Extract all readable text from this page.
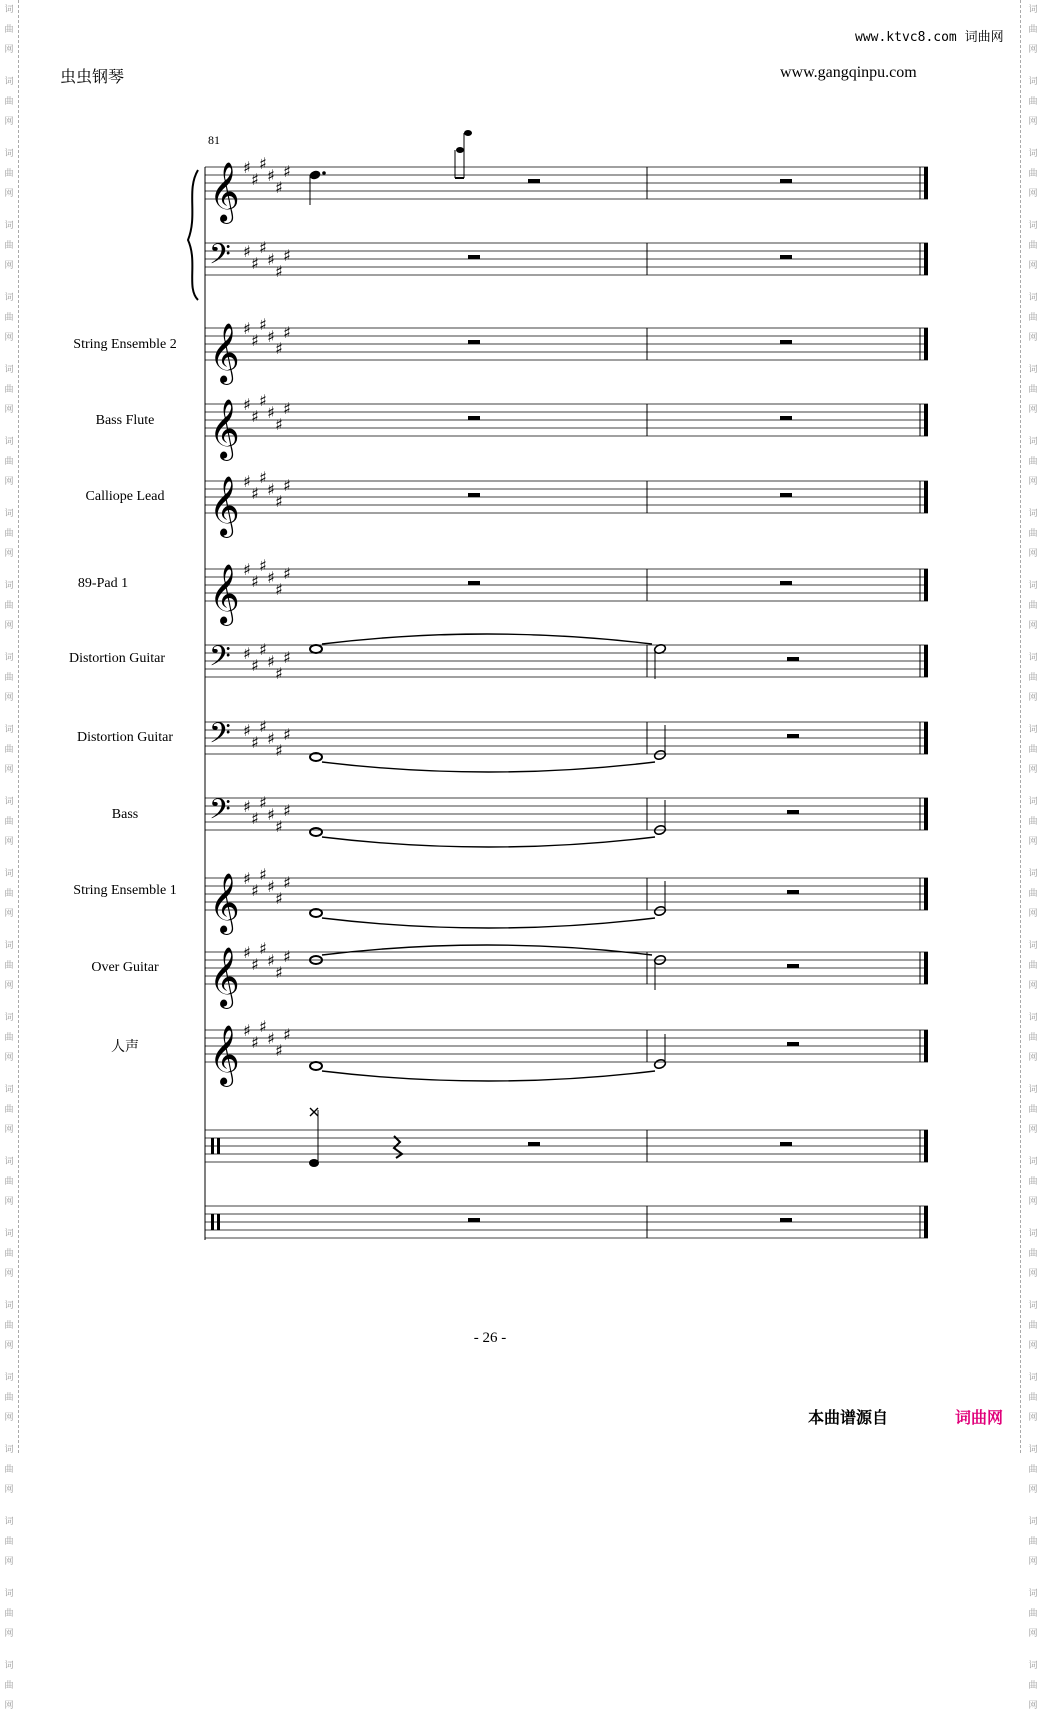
词
曲
网
词
曲
网
词
曲
网
词
曲
网
词
曲
网
词
曲
网
词
曲
网
词
曲
网
词
曲
网
词
曲
网
词
曲
网
词
曲
网
词
曲
网
词
曲
网
词
曲
网
词
曲
网
词
曲
网
词
曲
网
词
曲
网
词
曲
网
词
曲
网
词
曲
网
词
曲
网
词
曲
网
词
曲
网
词
曲
网
词
曲
网
词
曲
网
词
曲
网
词
曲
网
词
曲
网
词
曲
网
词
曲
网
词
曲
网
词
曲
网
词
曲
网
词
曲
网
词
曲
网
词
曲
网
词
曲
网
词
曲
网
词
曲
网
词
曲
网
词
曲
网
词
曲
网
词
曲
网
词
曲
网
词
曲
网
www.ktvc8.com 词曲网
虫虫钢琴	www.gangqinpu.com
81
String Ensemble 2
Bass Flute
Calliope Lead
89-Pad 1
Distortion Guitar
Distortion Guitar
Bass
String Ensemble 1
Over Guitar
人声
𝄞 ♯
♯
♯
♯
♯
♯
𝄢 ♯
♯
♯
♯
♯
♯
𝄞 ♯
♯
♯
♯
♯
♯
𝄞 ♯
♯
♯
♯
♯
♯
𝄞 ♯
♯
♯
♯
♯
♯
𝄞 ♯
♯
♯
♯
♯
♯
𝄢 ♯
♯
♯
♯
♯
♯
𝄢 ♯
♯
♯
♯
♯
♯
𝄢 ♯
♯
♯
♯
♯
♯
𝄞 ♯
♯
♯
♯
♯
♯
𝄞 ♯
♯
♯
♯
♯
♯
𝄞 ♯
♯
♯
♯
♯
♯
- 26 -
本曲谱源自	词曲网
